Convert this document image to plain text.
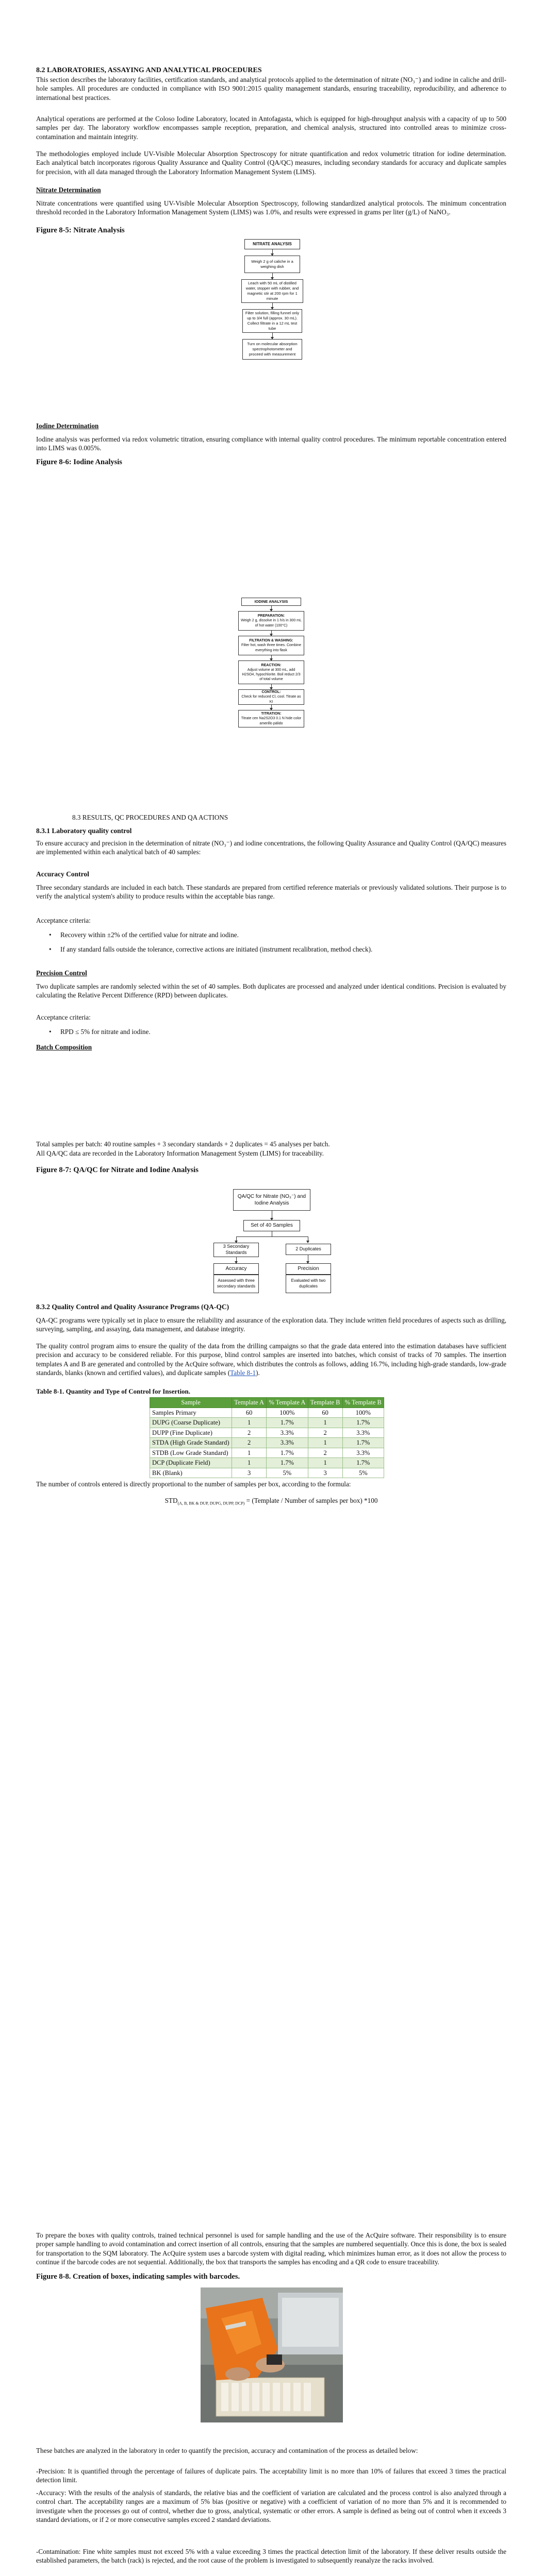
8.2 LABORATORIES, ASSAYING AND ANALYTICAL PROCEDURES

This section describes the laboratory facilities, certification standards, and analytical protocols applied to the determination of nitrate (NO₃⁻) and iodine in caliche and drill-hole samples. All procedures are conducted in compliance with ISO 9001:2015 quality management standards, ensuring traceability, reproducibility, and adherence to international best practices.

Analytical operations are performed at the Coloso Iodine Laboratory, located in Antofagasta, which is equipped for high-throughput analysis with a capacity of up to 500 samples per day. The laboratory workflow encompasses sample reception, preparation, and chemical analysis, structured into controlled areas to minimize cross-contamination and maintain integrity.

The methodologies employed include UV-Visible Molecular Absorption Spectroscopy for nitrate quantification and redox volumetric titration for iodine determination. Each analytical batch incorporates rigorous Quality Assurance and Quality Control (QA/QC) measures, including secondary standards for accuracy and duplicate samples for precision, with all data managed through the Laboratory Information Management System (LIMS).

Nitrate Determination

Nitrate concentrations were quantified using UV-Visible Molecular Absorption Spectroscopy, following standardized analytical protocols. The minimum concentration threshold recorded in the Laboratory Information Management System (LIMS) was 1.0%, and results were expressed in grams per liter (g/L) of NaNO₃.

Figure 8-5: Nitrate Analysis

NITRATE ANALYSIS
Weigh 2 g of caliche in a weighing dish
Leach with 50 mL of distilled water, stopper with rubber, and magnetic stir at 200 rpm for 1 minute
Filter solution, filling funnel only up to 3/4 full (approx. 30 mL). Collect filtrate in a 12 mL test tube
Turn on molecular absorption spectrophotometer and proceed with measurement

Iodine Determination

Iodine analysis was performed via redox volumetric titration, ensuring compliance with internal quality control procedures. The minimum reportable concentration entered into LIMS was 0.005%.

Figure 8-6: Iodine Analysis

IODINE ANALYSIS
PREPARATION:
Weigh 2 g, dissolve in 1 h/s in 300 mL of hot water (100°C)
FILTRATION & WASHING:
Filter hot, wash three times. Combine everything into flask
REACTION:
Adjust volume at 300 mL, add H2SO4, hypochlorite. Boil reduct 2/3 of total volume
CONTROL:
Check for reduced Cl, cool. Titrate as KI
TITRATION:
Titrate cen Na2S2O3 0.1 N hide color amerillo pálido

8.3 RESULTS, QC PROCEDURES AND QA ACTIONS

8.3.1 Laboratory quality control

To ensure accuracy and precision in the determination of nitrate (NO₃⁻) and iodine concentrations, the following Quality Assurance and Quality Control (QA/QC) measures are implemented within each analytical batch of 40 samples:

Accuracy Control

Three secondary standards are included in each batch. These standards are prepared from certified reference materials or previously validated solutions. Their purpose is to verify the analytical system's ability to produce results within the acceptable bias range.

Acceptance criteria:

• Recovery within ±2% of the certified value for nitrate and iodine.

• If any standard falls outside the tolerance, corrective actions are initiated (instrument recalibration, method check).

Precision Control

Two duplicate samples are randomly selected within the set of 40 samples. Both duplicates are processed and analyzed under identical conditions. Precision is evaluated by calculating the Relative Percent Difference (RPD) between duplicates.

Acceptance criteria:

• RPD ≤ 5% for nitrate and iodine.

Batch Composition

Total samples per batch: 40 routine samples + 3 secondary standards + 2 duplicates = 45 analyses per batch.

All QA/QC data are recorded in the Laboratory Information Management System (LIMS) for traceability.

Figure 8-7: QA/QC for Nitrate and Iodine Analysis

QA/QC for Nitrate (NO₃⁻) and Iodine Analysis
Set of 40 Samples
3 Secondary Standards
2 Duplicates
Accuracy	Precision
Assessed with three secondary standards
Evaluated with two duplicates

8.3.2 Quality Control and Quality Assurance Programs (QA-QC)

QA-QC programs were typically set in place to ensure the reliability and assurance of the exploration data. They include written field procedures of aspects such as drilling, surveying, sampling, and assaying, data management, and database integrity.

The quality control program aims to ensure the quality of the data from the drilling campaigns so that the grade data entered into the estimation databases have sufficient precision and accuracy to be considered reliable. For this purpose, blind control samples are inserted into batches, which consist of tracks of 70 samples. The insertion templates A and B are generated and controlled by the AcQuire software, which distributes the controls as follows, adding 16.7%, including high-grade standards, low-grade standards, blanks (known and certified values), and duplicate samples (Table 8-1).

Table 8-1. Quantity and Type of Control for Insertion.

Sample	Template A	% Template A	Template B	% Template B
Samples Primary	60	100%	60	100%
DUPG (Coarse Duplicate)	1	1.7%	1	1.7%
DUPP (Fine Duplicate)	2	3.3%	2	3.3%
STDA (High Grade Standard)	2	3.3%	1	1.7%
STDB (Low Grade Standard)	1	1.7%	2	3.3%
DCP (Duplicate Field)	1	1.7%	1	1.7%
BK (Blank)	3	5%	3	5%

The number of controls entered is directly proportional to the number of samples per box, according to the formula:

$STD_{(A, B, BK \& DUP, DUPG, DUPP, DCP)}$ = (Template / Number of samples per box) *100

To prepare the boxes with quality controls, trained technical personnel is used for sample handling and the use of the AcQuire software. Their responsibility is to ensure proper sample handling to avoid contamination and correct insertion of all controls, ensuring that the samples are numbered sequentially. Once this is done, the box is sealed for transportation to the SQM laboratory. The AcQuire system uses a barcode system with digital reading, which minimizes human error, as it does not allow the process to continue if the barcode codes are not sequential. Additionally, the box that transports the samples has encoding and a QR code to ensure traceability.

Figure 8-8. Creation of boxes, indicating samples with barcodes.

These batches are analyzed in the laboratory in order to quantify the precision, accuracy and contamination of the process as detailed below:

-Precision: It is quantified through the percentage of failures of duplicate pairs. The acceptability limit is no more than 10% of failures that exceed 3 times the practical detection limit.

-Accuracy: With the results of the analysis of standards, the relative bias and the coefficient of variation are calculated and the process control is also analyzed through a control chart. The acceptability ranges are a maximum of 5% bias (positive or negative) with a coefficient of variation of no more than 5% and it is recommended to investigate when the processes go out of control, whether due to gross, analytical, systematic or other errors. A sample is defined as being out of control when it exceeds 3 standard deviations, or if 2 or more consecutive samples exceed 2 standard deviations.

-Contamination: Fine white samples must not exceed 5% with a value exceeding 3 times the practical detection limit of the laboratory. If these deliver results outside the established parameters, the batch (rack) is rejected, and the root cause of the problem is investigated to subsequently reanalyze the racks involved.
